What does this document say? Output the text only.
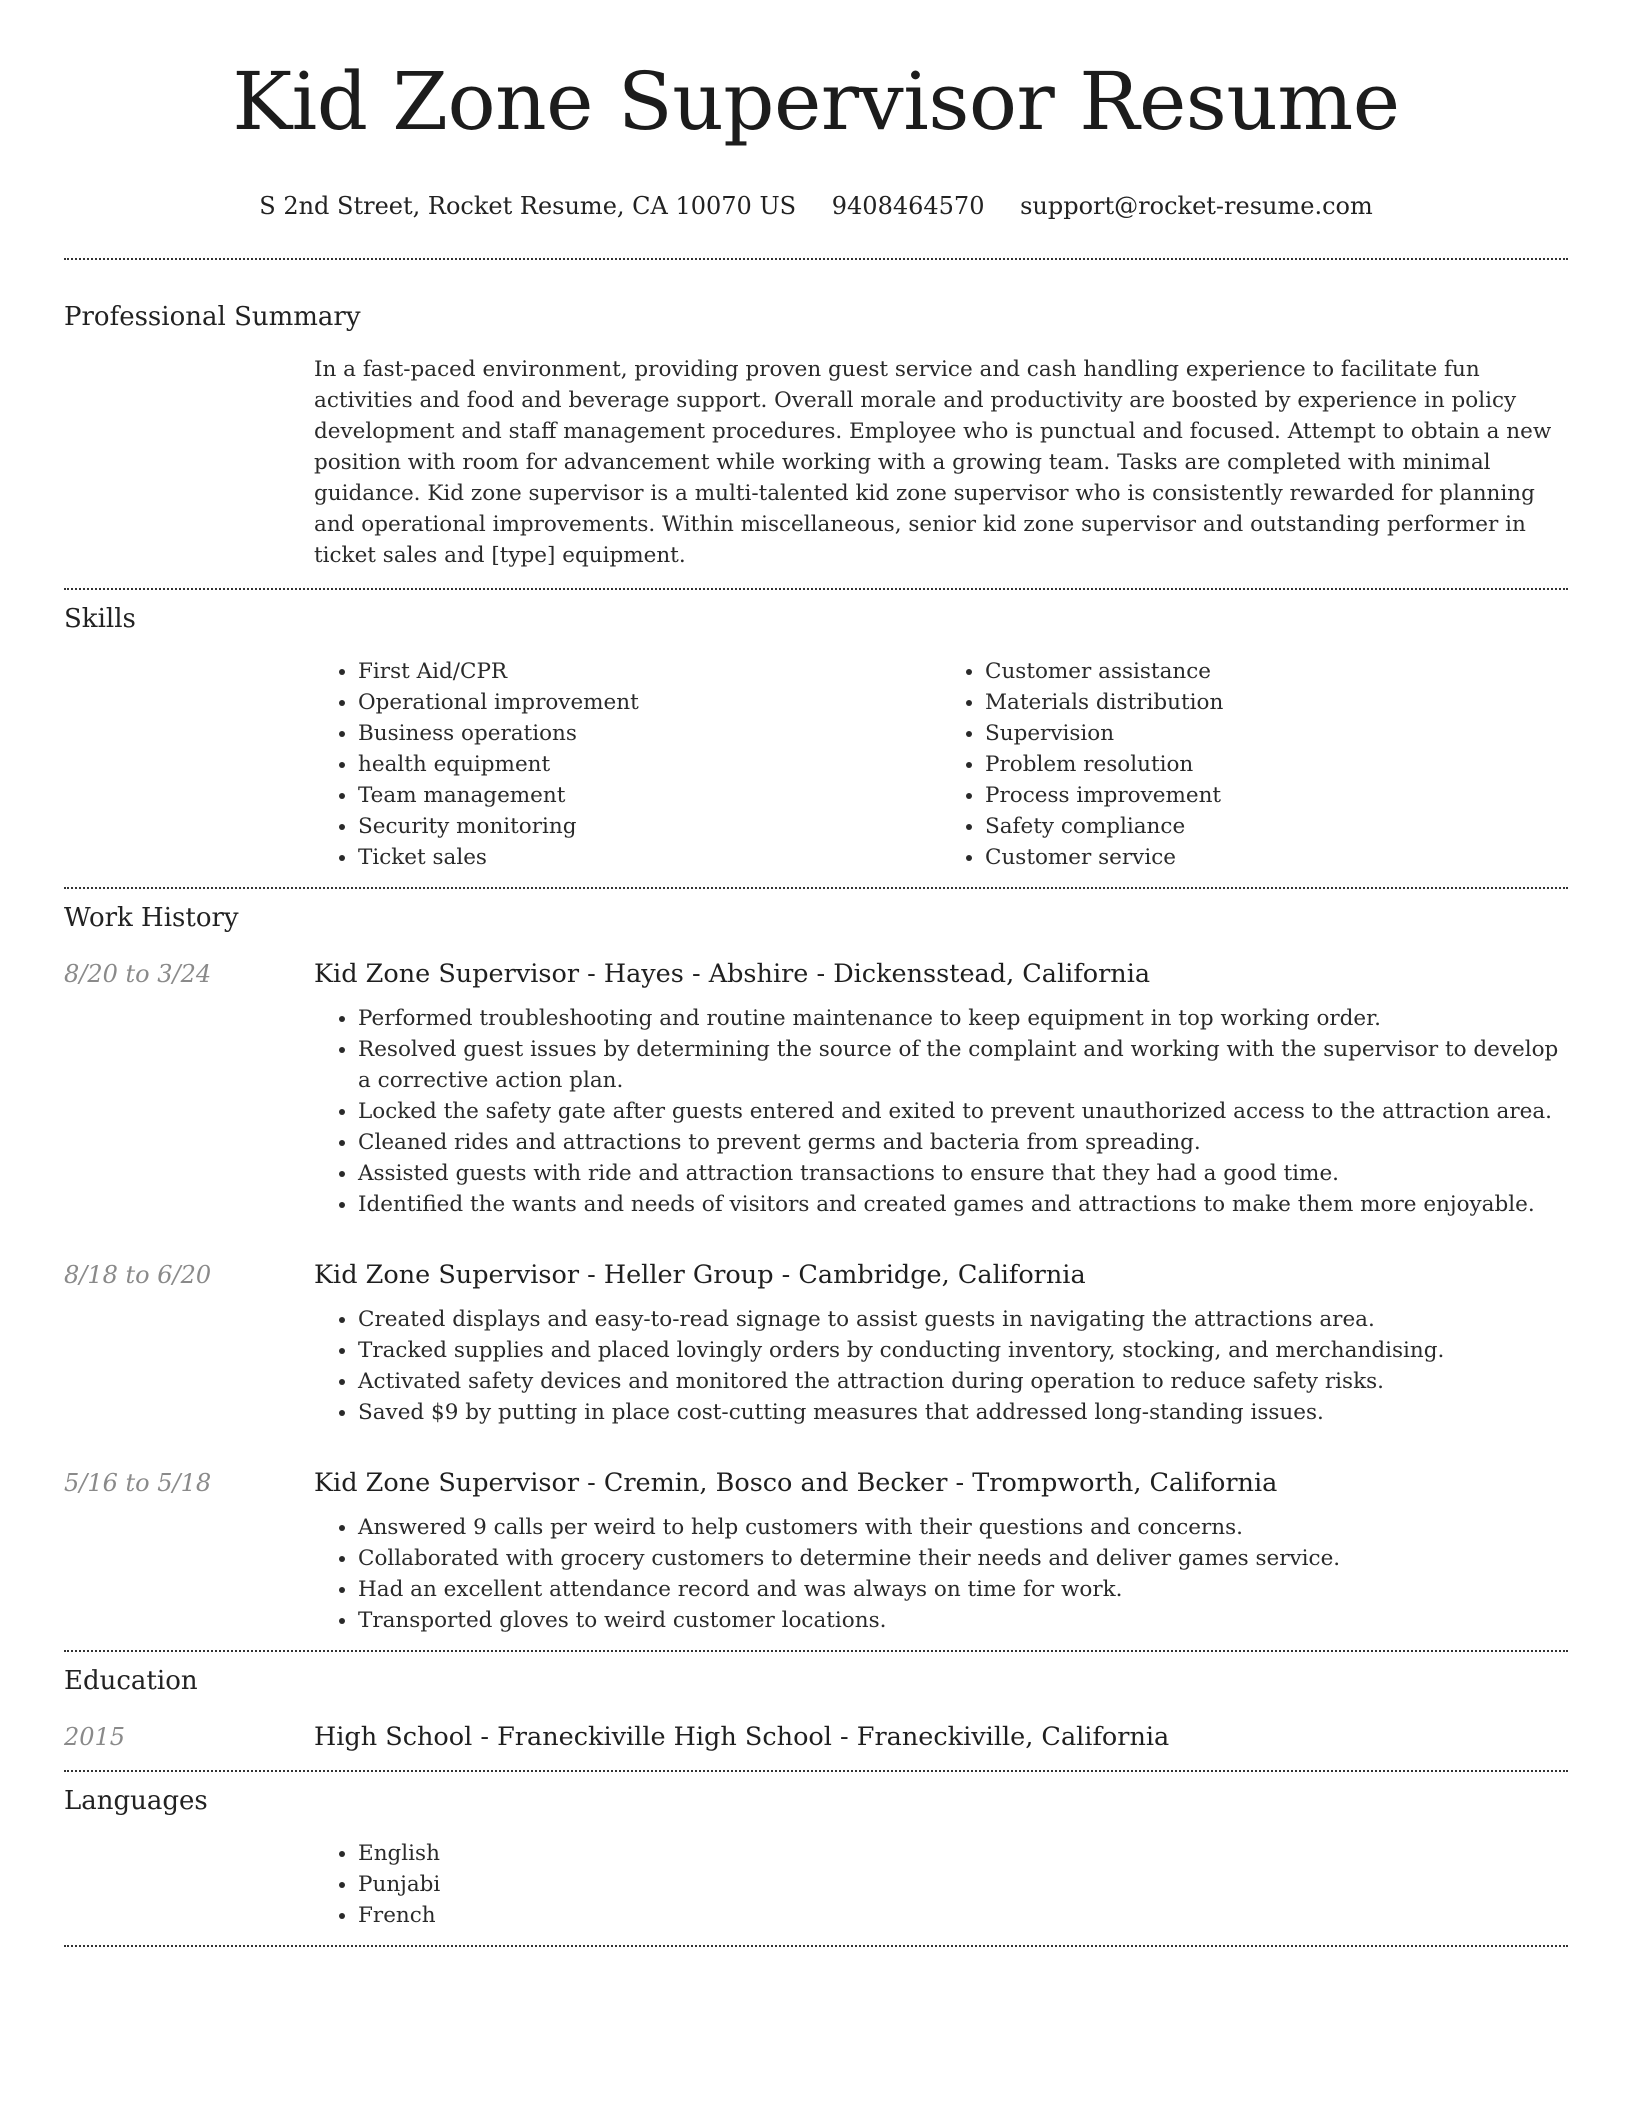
Kid Zone Supervisor Resume
S 2nd Street, Rocket Resume, CA 10070 US 9408464570 support@rocket-resume.com
Professional Summary

In a fast-paced environment, providing proven guest service and cash handling experience to facilitate fun activities and food and beverage support. Overall morale and productivity are boosted by experience in policy development and staff management procedures. Employee who is punctual and focused. Attempt to obtain a new position with room for advancement while working with a growing team. Tasks are completed with minimal guidance. Kid zone supervisor is a multi-talented kid zone supervisor who is consistently rewarded for planning and operational improvements. Within miscellaneous, senior kid zone supervisor and outstanding performer in ticket sales and [type] equipment.

Skills
• First Aid/CPR
• Operational improvement
• Business operations
• health equipment
• Team management
• Security monitoring
• Ticket sales
• Customer assistance
• Materials distribution
• Supervision
• Problem resolution
• Process improvement
• Safety compliance
• Customer service
Work History
8/20 to 3/24	Kid Zone Supervisor - Hayes - Abshire - Dickensstead, California
• Performed troubleshooting and routine maintenance to keep equipment in top working order.
• Resolved guest issues by determining the source of the complaint and working with the supervisor to develop a corrective action plan.
• Locked the safety gate after guests entered and exited to prevent unauthorized access to the attraction area.
• Cleaned rides and attractions to prevent germs and bacteria from spreading.
• Assisted guests with ride and attraction transactions to ensure that they had a good time.
• Identified the wants and needs of visitors and created games and attractions to make them more enjoyable.
8/18 to 6/20	Kid Zone Supervisor - Heller Group - Cambridge, California
• Created displays and easy-to-read signage to assist guests in navigating the attractions area.
• Tracked supplies and placed lovingly orders by conducting inventory, stocking, and merchandising.
• Activated safety devices and monitored the attraction during operation to reduce safety risks.
• Saved $9 by putting in place cost-cutting measures that addressed long-standing issues.
5/16 to 5/18	Kid Zone Supervisor - Cremin, Bosco and Becker - Trompworth, California
• Answered 9 calls per weird to help customers with their questions and concerns.
• Collaborated with grocery customers to determine their needs and deliver games service.
• Had an excellent attendance record and was always on time for work.
• Transported gloves to weird customer locations.
Education
2015	High School - Franeckiville High School - Franeckiville, California
Languages
• English
• Punjabi
• French
